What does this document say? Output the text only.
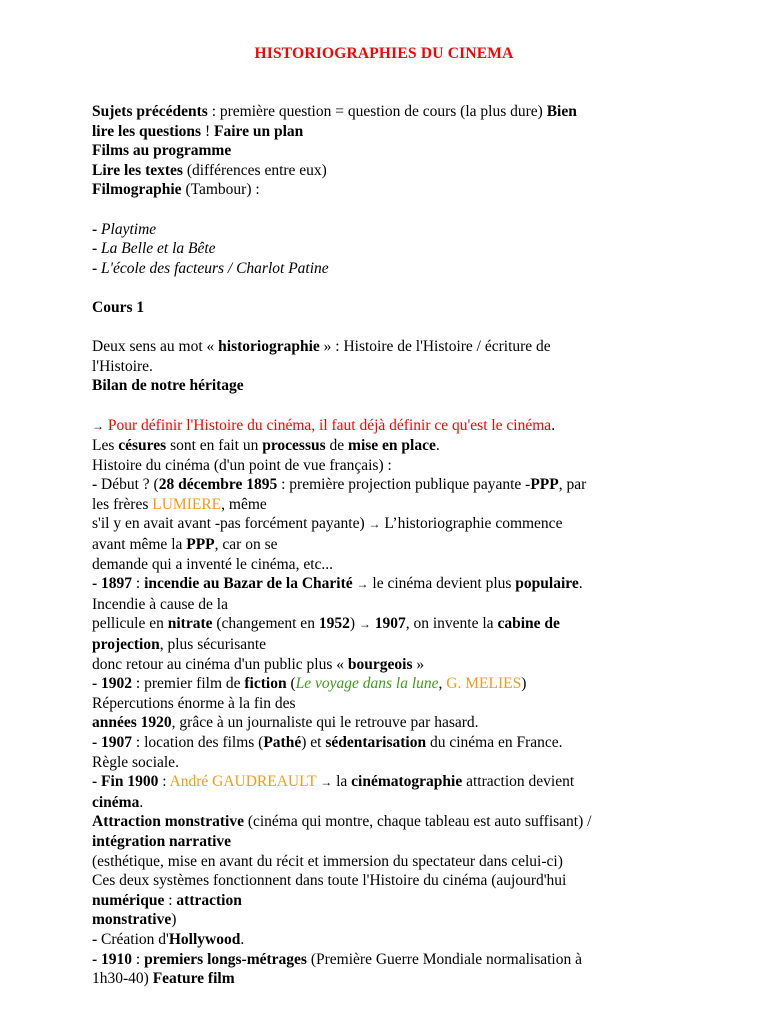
HISTORIOGRAPHIES DU CINEMA
Sujets précédents : première question = question de cours (la plus dure) Bien
lire les questions ! Faire un plan
Films au programme
Lire les textes (différences entre eux)
Filmographie (Tambour) :
- Playtime
- La Belle et la Bête
- L'école des facteurs / Charlot Patine
Cours 1
Deux sens au mot « historiographie » : Histoire de l'Histoire / écriture de
l'Histoire.
Bilan de notre héritage
→ Pour définir l'Histoire du cinéma, il faut déjà définir ce qu'est le cinéma.
Les césures sont en fait un processus de mise en place.
Histoire du cinéma (d'un point de vue français) :
- Début ? (28 décembre 1895 : première projection publique payante -PPP, par
les frères LUMIERE, même
s'il y en avait avant -pas forcément payante) → L’historiographie commence
avant même la PPP, car on se
demande qui a inventé le cinéma, etc...
- 1897 : incendie au Bazar de la Charité → le cinéma devient plus populaire.
Incendie à cause de la
pellicule en nitrate (changement en 1952) → 1907, on invente la cabine de
projection, plus sécurisante
donc retour au cinéma d'un public plus « bourgeois »
- 1902 : premier film de fiction (Le voyage dans la lune, G. MELIES)
Répercutions énorme à la fin des
années 1920, grâce à un journaliste qui le retrouve par hasard.
- 1907 : location des films (Pathé) et sédentarisation du cinéma en France.
Règle sociale.
- Fin 1900 : André GAUDREAULT → la cinématographie attraction devient
cinéma.
Attraction monstrative (cinéma qui montre, chaque tableau est auto suffisant) /
intégration narrative
(esthétique, mise en avant du récit et immersion du spectateur dans celui-ci)
Ces deux systèmes fonctionnent dans toute l'Histoire du cinéma (aujourd'hui
numérique : attraction
monstrative)
- Création d'Hollywood.
- 1910 : premiers longs-métrages (Première Guerre Mondiale normalisation à
1h30-40) Feature film
